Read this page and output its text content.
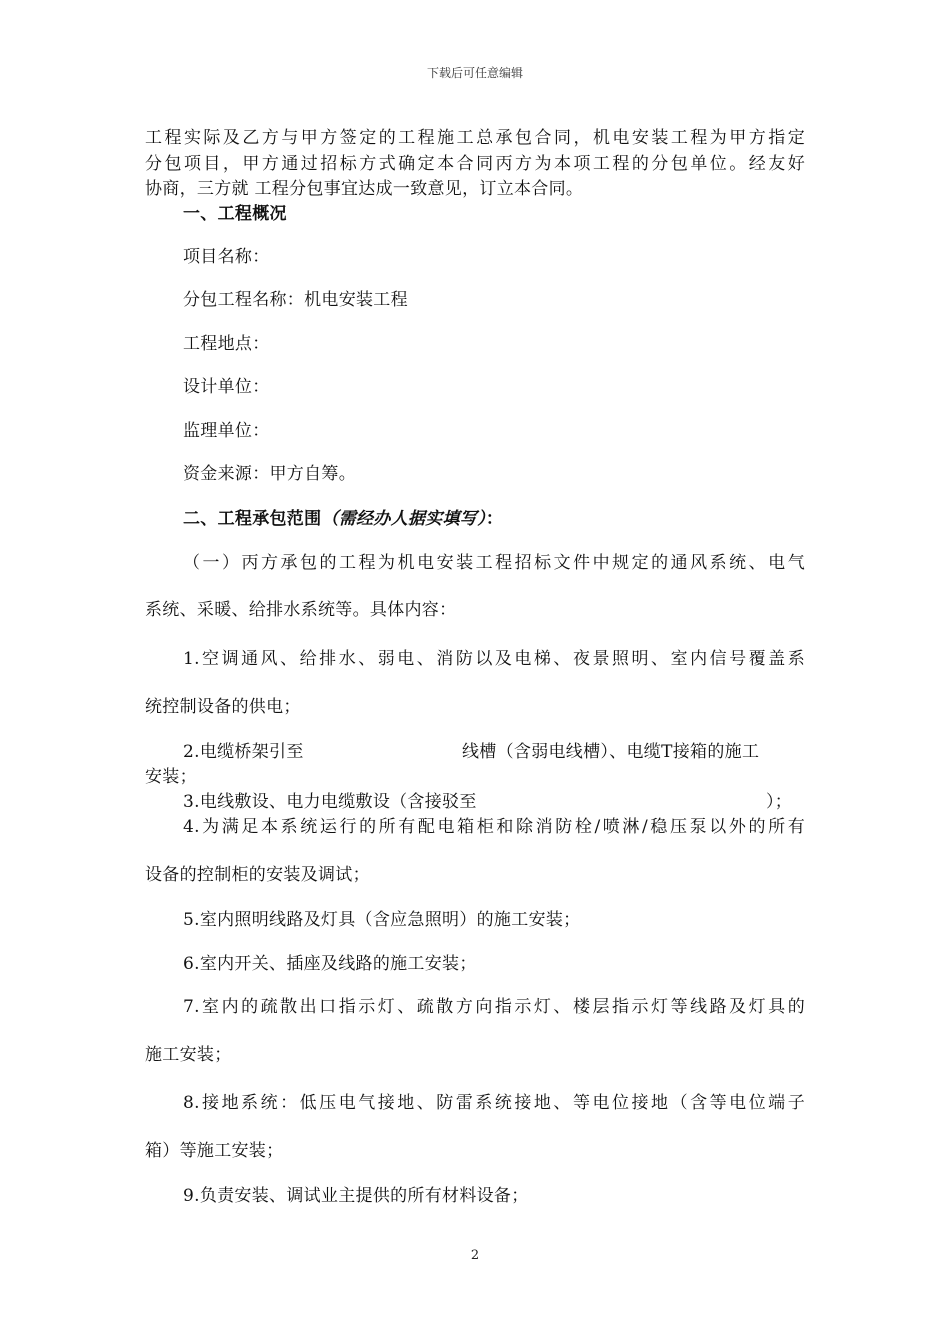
下载后可任意编辑
工程实际及乙方与甲方签定的工程施工总承包合同，机电安装工程为甲方指定
分包项目，甲方通过招标方式确定本合同丙方为本项工程的分包单位。经友好
协商，三方就 工程分包事宜达成一致意见，订立本合同。
一、工程概况
项目名称：
分包工程名称：机电安装工程
工程地点：
设计单位：
监理单位：
资金来源：甲方自筹。
二、工程承包范围（需经办人据实填写）：
（一）丙方承包的工程为机电安装工程招标文件中规定的通风系统、电气
系统、采暖、给排水系统等。具体内容：
1.空调通风、给排水、弱电、消防以及电梯、夜景照明、室内信号覆盖系
统控制设备的供电；
2.电缆桥架引至	线槽（含弱电线槽）、电缆T接箱的施工
安装；
3.电线敷设、电力电缆敷设（含接驳至	）；
4.为满足本系统运行的所有配电箱柜和除消防栓/喷淋/稳压泵以外的所有
设备的控制柜的安装及调试；
5.室内照明线路及灯具（含应急照明）的施工安装；
6.室内开关、插座及线路的施工安装；
7.室内的疏散出口指示灯、疏散方向指示灯、楼层指示灯等线路及灯具的
施工安装；
8.接地系统：低压电气接地、防雷系统接地、等电位接地（含等电位端子
箱）等施工安装；
9.负责安装、调试业主提供的所有材料设备；
2
